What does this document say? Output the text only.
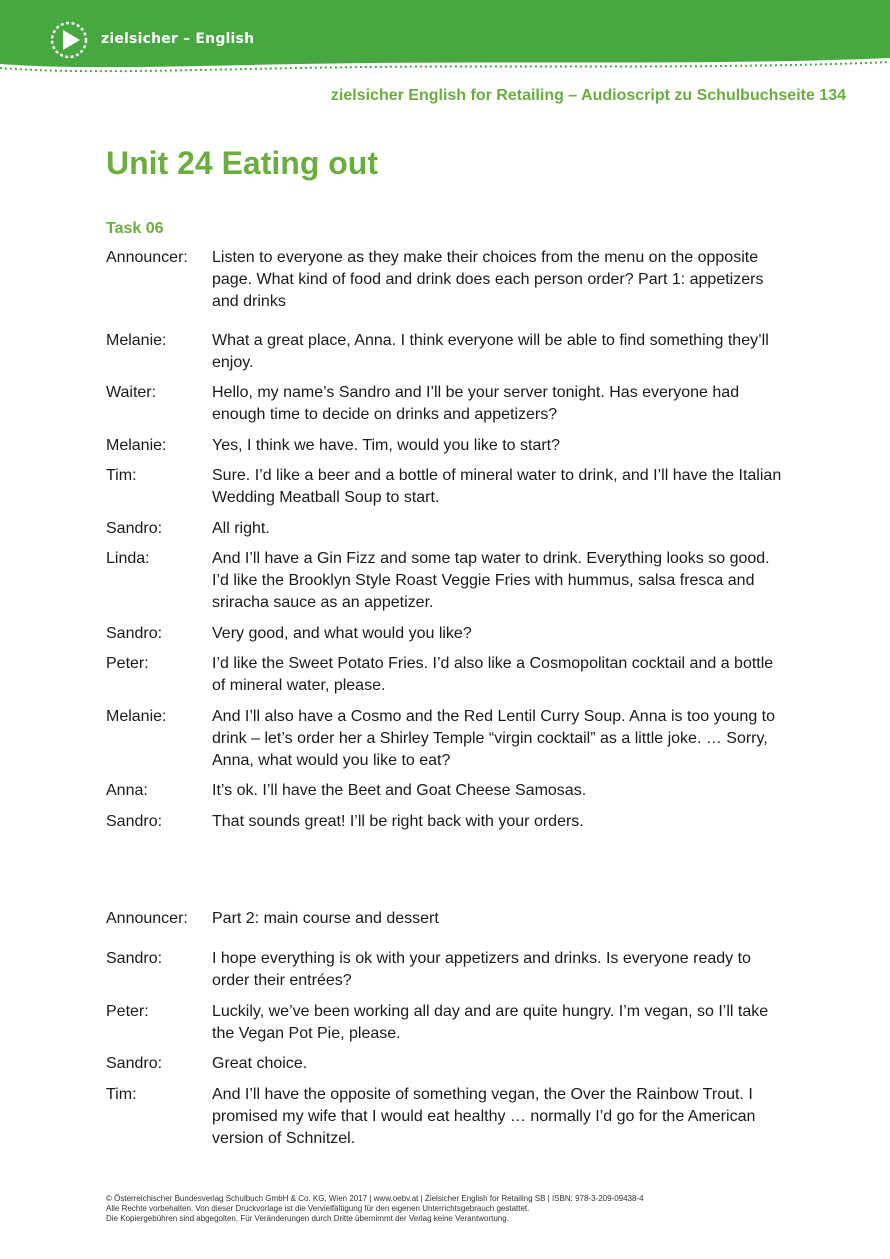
zielsicher – English
zielsicher English for Retailing – Audioscript zu Schulbuchseite 134
Unit 24 Eating out
Task 06
Announcer:	Listen to everyone as they make their choices from the menu on the opposite page. What kind of food and drink does each person order? Part 1: appetizers and drinks
Melanie:	What a great place, Anna. I think everyone will be able to find something they’ll enjoy.
Waiter:	Hello, my name’s Sandro and I’ll be your server tonight. Has everyone had enough time to decide on drinks and appetizers?
Melanie:	Yes, I think we have. Tim, would you like to start?
Tim:	Sure. I’d like a beer and a bottle of mineral water to drink, and I’ll have the Italian Wedding Meatball Soup to start.
Sandro:	All right.
Linda:	And I’ll have a Gin Fizz and some tap water to drink. Everything looks so good. I’d like the Brooklyn Style Roast Veggie Fries with hummus, salsa fresca and sriracha sauce as an appetizer.
Sandro:	Very good, and what would you like?
Peter:	I’d like the Sweet Potato Fries. I’d also like a Cosmopolitan cocktail and a bottle of mineral water, please.
Melanie:	And I’ll also have a Cosmo and the Red Lentil Curry Soup. Anna is too young to drink – let’s order her a Shirley Temple “virgin cocktail” as a little joke. … Sorry, Anna, what would you like to eat?
Anna:	It’s ok. I’ll have the Beet and Goat Cheese Samosas.
Sandro:	That sounds great! I’ll be right back with your orders.
Announcer:	Part 2: main course and dessert
Sandro:	I hope everything is ok with your appetizers and drinks. Is everyone ready to order their entrées?
Peter:	Luckily, we’ve been working all day and are quite hungry. I’m vegan, so I’ll take the Vegan Pot Pie, please.
Sandro:	Great choice.
Tim:	And I’ll have the opposite of something vegan, the Over the Rainbow Trout. I promised my wife that I would eat healthy … normally I’d go for the American version of Schnitzel.
© Österreichischer Bundesverlag Schulbuch GmbH & Co. KG, Wien 2017 | www.oebv.at | Zielsicher English for Retailing SB | ISBN: 978-3-209-09438-4
Alle Rechte vorbehalten. Von dieser Druckvorlage ist die Vervielfältigung für den eigenen Unterrichtsgebrauch gestattet.
Die Kopiergebühren sind abgegolten. Für Veränderungen durch Dritte übernimmt der Verlag keine Verantwortung.
